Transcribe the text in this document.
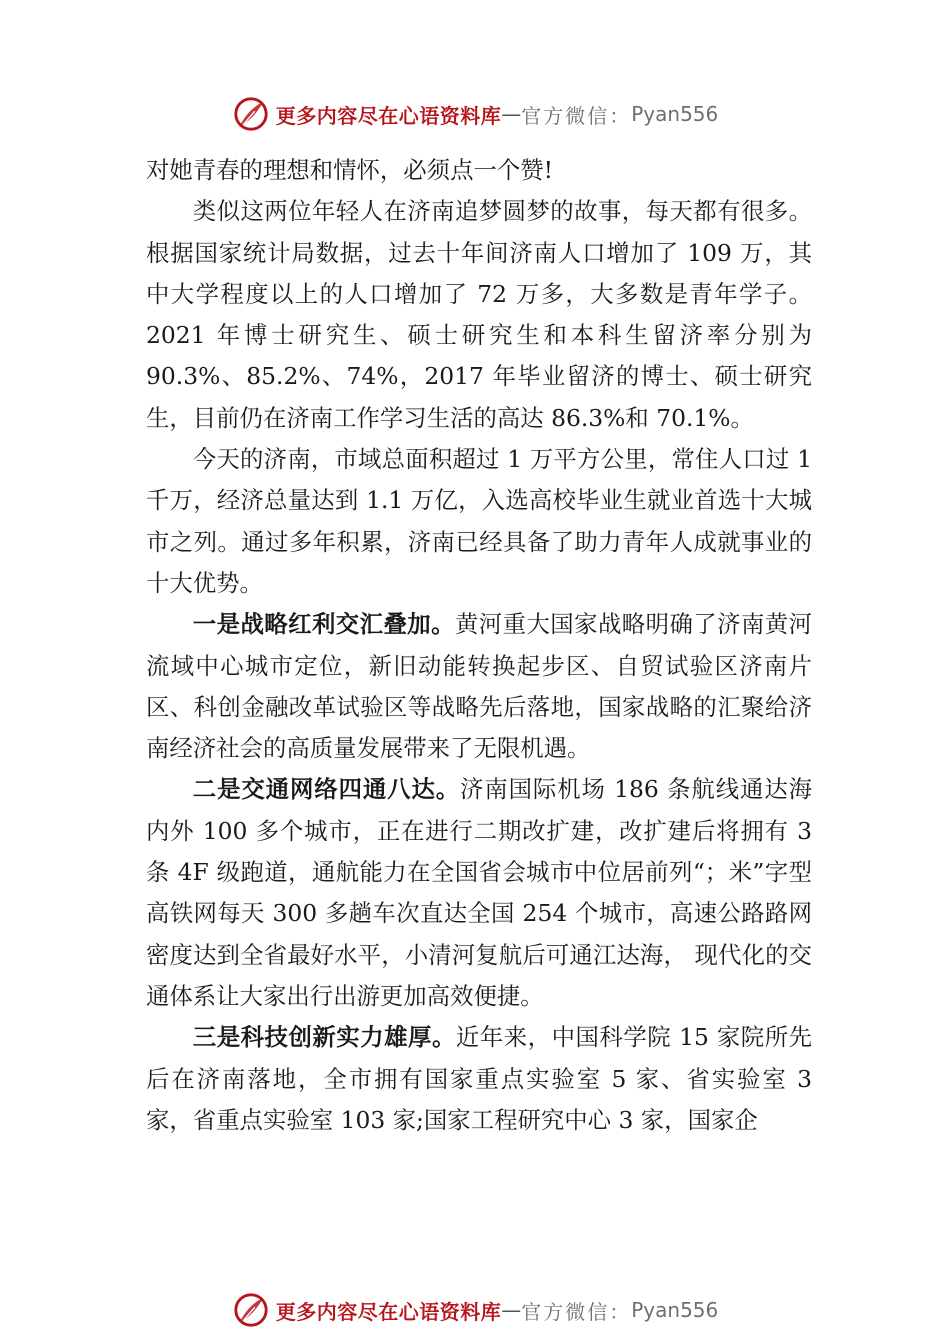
更多内容尽在心语资料库 — 官方微信： Pyan556

对她青春的理想和情怀，必须点一个赞!

类似这两位年轻人在济南追梦圆梦的故事，每天都有很多。根据国家统计局数据，过去十年间济南人口增加了 109 万，其中大学程度以上的人口增加了 72 万多，大多数是青年学子。2021 年博士研究生、硕士研究生和本科生留济率分别为 90.3%、85.2%、74%，2017 年毕业留济的博士、硕士研究生，目前仍在济南工作学习生活的高达 86.3%和 70.1%。

今天的济南，市域总面积超过 1 万平方公里，常住人口过 1 千万，经济总量达到 1.1 万亿，入选高校毕业生就业首选十大城市之列。通过多年积累，济南已经具备了助力青年人成就事业的十大优势。

一是战略红利交汇叠加。黄河重大国家战略明确了济南黄河流域中心城市定位，新旧动能转换起步区、自贸试验区济南片区、科创金融改革试验区等战略先后落地，国家战略的汇聚给济南经济社会的高质量发展带来了无限机遇。

二是交通网络四通八达。济南国际机场 186 条航线通达海内外 100 多个城市，正在进行二期改扩建，改扩建后将拥有 3 条 4F 级跑道，通航能力在全国省会城市中位居前列“；米”字型高铁网每天 300 多趟车次直达全国 254 个城市，高速公路路网密度达到全省最好水平，小清河复航后可通江达海， 现代化的交通体系让大家出行出游更加高效便捷。

三是科技创新实力雄厚。近年来，中国科学院 15 家院所先后在济南落地，全市拥有国家重点实验室 5 家、省实验室 3 家，省重点实验室 103 家;国家工程研究中心 3 家，国家企

更多内容尽在心语资料库 — 官方微信： Pyan556
